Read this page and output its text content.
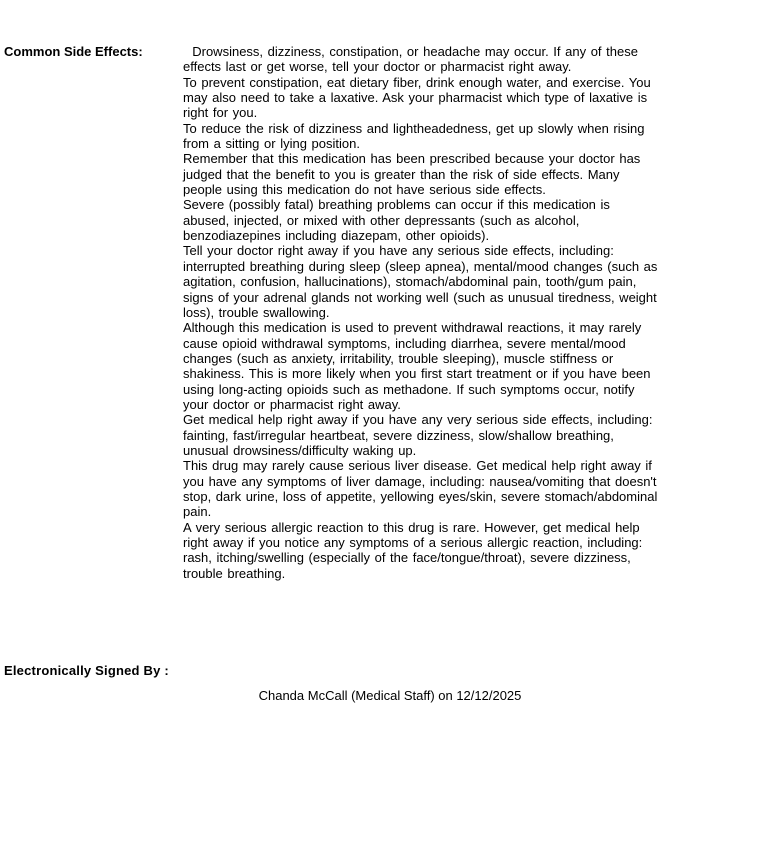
Common Side Effects:	Drowsiness, dizziness, constipation, or headache may occur. If any of these effects last or get worse, tell your doctor or pharmacist right away.

To prevent constipation, eat dietary fiber, drink enough water, and exercise. You may also need to take a laxative. Ask your pharmacist which type of laxative is right for you.

To reduce the risk of dizziness and lightheadedness, get up slowly when rising from a sitting or lying position.

Remember that this medication has been prescribed because your doctor has judged that the benefit to you is greater than the risk of side effects. Many people using this medication do not have serious side effects.

Severe (possibly fatal) breathing problems can occur if this medication is abused, injected, or mixed with other depressants (such as alcohol, benzodiazepines including diazepam, other opioids).

Tell your doctor right away if you have any serious side effects, including: interrupted breathing during sleep (sleep apnea), mental/mood changes (such as agitation, confusion, hallucinations), stomach/abdominal pain, tooth/gum pain, signs of your adrenal glands not working well (such as unusual tiredness, weight loss), trouble swallowing.

Although this medication is used to prevent withdrawal reactions, it may rarely cause opioid withdrawal symptoms, including diarrhea, severe mental/mood changes (such as anxiety, irritability, trouble sleeping), muscle stiffness or shakiness. This is more likely when you first start treatment or if you have been using long-acting opioids such as methadone. If such symptoms occur, notify your doctor or pharmacist right away.

Get medical help right away if you have any very serious side effects, including: fainting, fast/irregular heartbeat, severe dizziness, slow/shallow breathing, unusual drowsiness/difficulty waking up.

This drug may rarely cause serious liver disease. Get medical help right away if you have any symptoms of liver damage, including: nausea/vomiting that doesn't stop, dark urine, loss of appetite, yellowing eyes/skin, severe stomach/abdominal pain.

A very serious allergic reaction to this drug is rare. However, get medical help right away if you notice any symptoms of a serious allergic reaction, including: rash, itching/swelling (especially of the face/tongue/throat), severe dizziness, trouble breathing.

Electronically Signed By :
Chanda McCall (Medical Staff) on 12/12/2025
